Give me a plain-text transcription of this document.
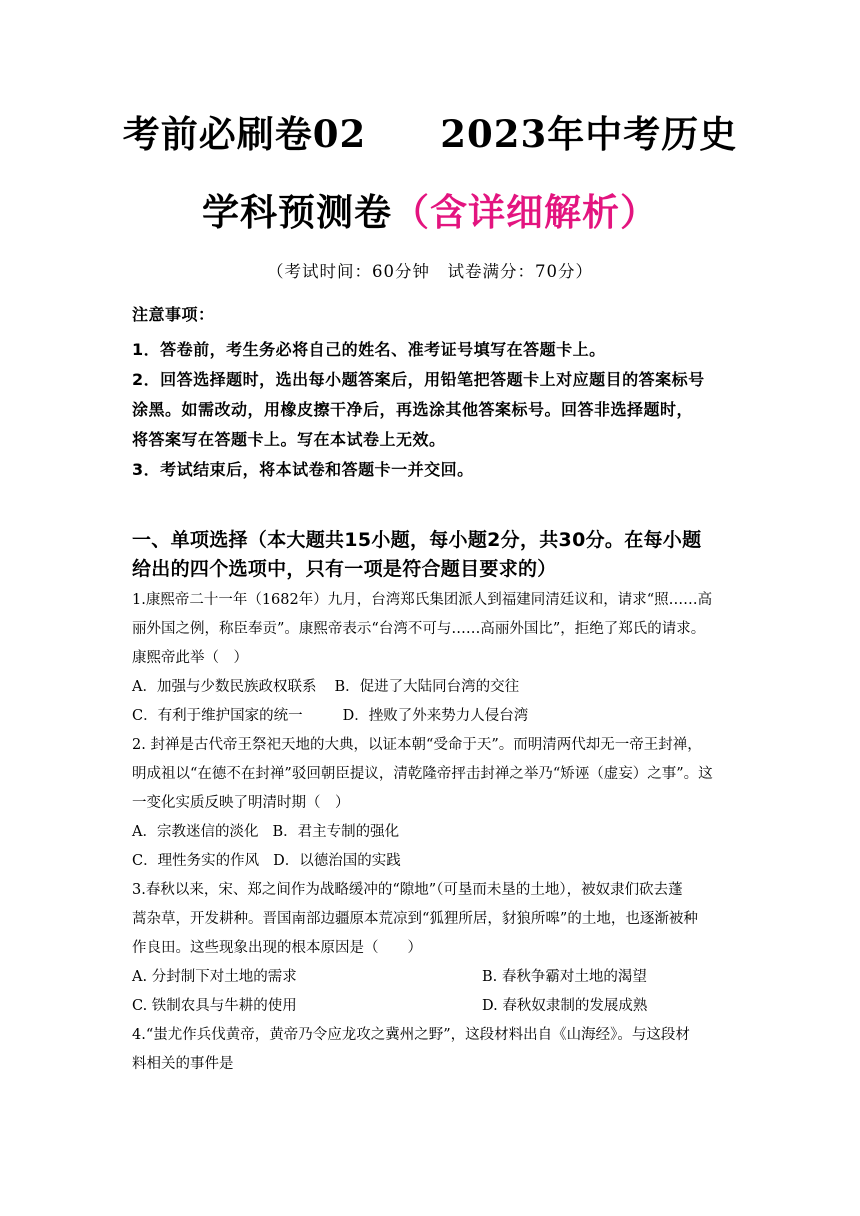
考前必刷卷02 2023年中考历史
学科预测卷（含详细解析）
（考试时间：60分钟　试卷满分：70分）
注意事项：
1．答卷前，考生务必将自己的姓名、准考证号填写在答题卡上。
2．回答选择题时，选出每小题答案后，用铅笔把答题卡上对应题目的答案标号
涂黑。如需改动，用橡皮擦干净后，再选涂其他答案标号。回答非选择题时，
将答案写在答题卡上。写在本试卷上无效。
3．考试结束后，将本试卷和答题卡一并交回。
一、单项选择（本大题共15小题，每小题2分，共30分。在每小题
给出的四个选项中，只有一项是符合题目要求的）
1.康熙帝二十一年（1682年）九月，台湾郑氏集团派人到福建同清廷议和，请求“照……高
丽外国之例，称臣奉贡”。康熙帝表示“台湾不可与……高丽外国比”，拒绝了郑氏的请求。
康熙帝此举（　）
A．加强与少数民族政权联系 B．促进了大陆同台湾的交往
C．有利于维护国家的统一	D．挫败了外来势力人侵台湾
2. 封禅是古代帝王祭祀天地的大典，以证本朝“受命于天”。而明清两代却无一帝王封禅，
明成祖以“在德不在封禅”驳回朝臣提议，清乾隆帝抨击封禅之举乃“矫诬（虚妄）之事”。这
一变化实质反映了明清时期（　）
A．宗教迷信的淡化 B．君主专制的强化
C．理性务实的作风 D．以德治国的实践
3.春秋以来，宋、郑之间作为战略缓冲的“隙地”（可垦而未垦的土地），被奴隶们砍去蓬
蒿杂草，开发耕种。晋国南部边疆原本荒凉到“狐狸所居，豺狼所嗥”的土地，也逐渐被种
作良田。这些现象出现的根本原因是（　　）
A. 分封制下对土地的需求	B. 春秋争霸对土地的渴望
C. 铁制农具与牛耕的使用	D. 春秋奴隶制的发展成熟
4.“蚩尤作兵伐黄帝，黄帝乃令应龙攻之冀州之野”，这段材料出自《山海经》。与这段材
料相关的事件是
